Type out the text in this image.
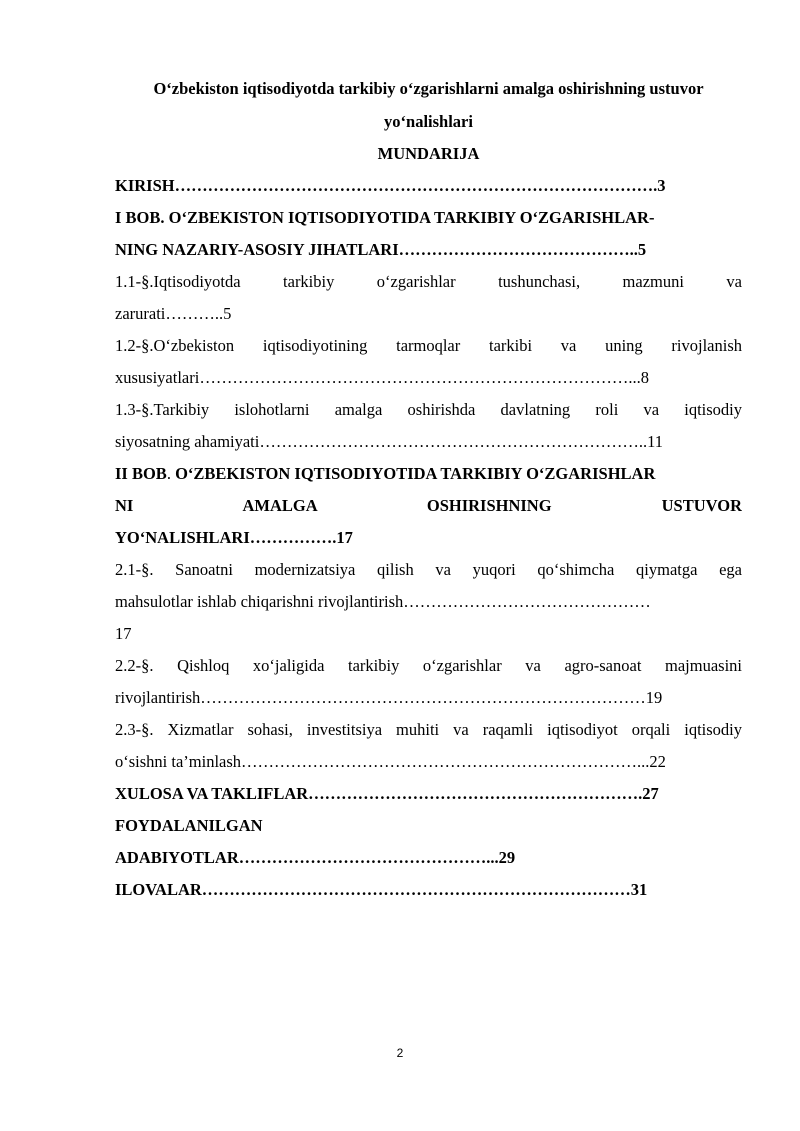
O‘zbekiston iqtisodiyotda tarkibiy o‘zgarishlarni amalga oshirishning ustuvor

yo‘nalishlari

MUNDARIJA

KIRISH…………………………………………………………………………….3

I BOB. O‘ZBEKISTON IQTISODIYOTIDA TARKIBIY O‘ZGARISHLAR-

NING NAZARIY-ASOSIY JIHATLARI……………………………………..5

1.1-§.Iqtisodiyotda tarkibiy o‘zgarishlar tushunchasi, mazmuni va

zarurati………..5

1.2-§.O‘zbekiston iqtisodiyotining tarmoqlar tarkibi va uning rivojlanish

xususiyatlari……………………………………………………………………...8

1.3-§.Tarkibiy islohotlarni amalga oshirishda davlatning roli va iqtisodiy

siyosatning ahamiyati……………………………………………………………..11

II BOB. O‘ZBEKISTON IQTISODIYOTIDA TARKIBIY O‘ZGARISHLAR

NI AMALGA OSHIRISHNING USTUVOR

YO‘NALISHLARI…………….17

2.1-§. Sanoatni modernizatsiya qilish va yuqori qo‘shimcha qiymatga ega

mahsulotlar ishlab chiqarishni rivojlantirish………………………………………

17

2.2-§. Qishloq xo‘jaligida tarkibiy o‘zgarishlar va agro-sanoat majmuasini

rivojlantirish………………………………………………………………………19

2.3-§. Xizmatlar sohasi, investitsiya muhiti va raqamli iqtisodiyot orqali iqtisodiy

o‘sishni ta’minlash………………………………………………………………...22

XULOSA VA TAKLIFLAR…………………………………………………….27

FOYDALANILGAN

ADABIYOTLAR………………………………………...29

ILOVALAR……………………………………………………………………31

2
